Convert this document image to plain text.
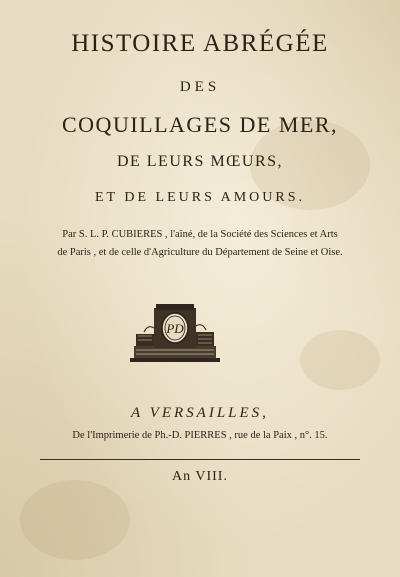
HISTOIRE ABRÉGÉE
DES
COQUILLAGES DE MER,
DE LEURS MŒURS,
ET DE LEURS AMOURS.
Par S. L. P. CUBIERES , l'aîné, de la Société des Sciences et Arts
de Paris , et de celle d'Agriculture du Département de Seine et Oise.
PD
A VERSAILLES,
De l'Imprimerie de Ph.-D. PIERRES , rue de la Paix , n°. 15.
An VIII.
